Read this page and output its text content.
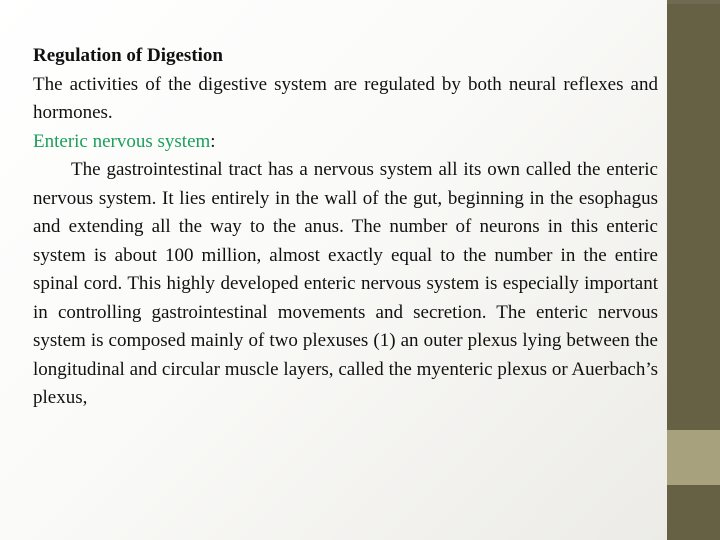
Regulation of Digestion

The activities of the digestive system are regulated by both neural reflexes and hormones.

Enteric nervous system:

The gastrointestinal tract has a nervous system all its own called the enteric nervous system. It lies entirely in the wall of the gut, beginning in the esophagus and extending all the way to the anus. The number of neurons in this enteric system is about 100 million, almost exactly equal to the number in the entire spinal cord. This highly developed enteric nervous system is especially important in controlling gastrointestinal movements and secretion. The enteric nervous system is composed mainly of two plexuses (1) an outer plexus lying between the longitudinal and circular muscle layers, called the myenteric plexus or Auerbach’s plexus,
